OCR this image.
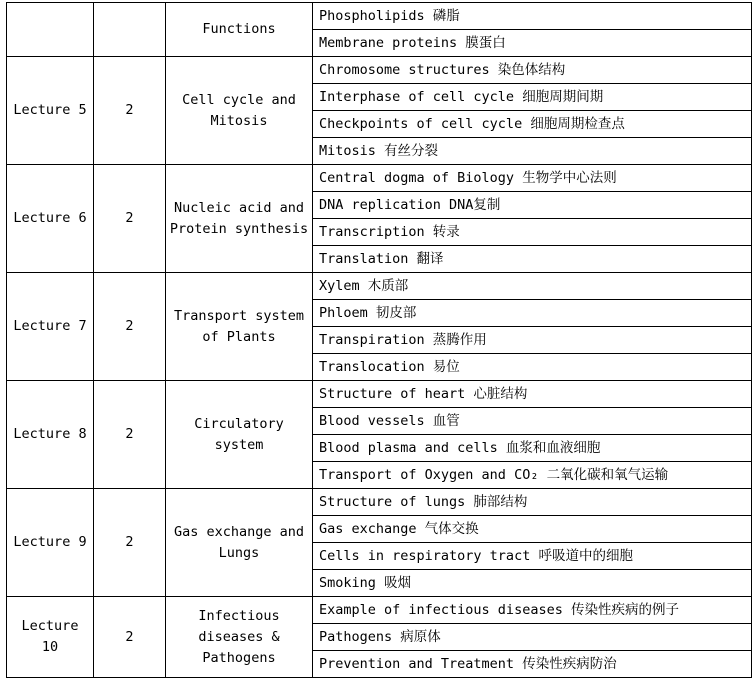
		Functions	Phospholipids 磷脂
			Membrane proteins 膜蛋白
Lecture 5	2	Cell cycle and Mitosis	Chromosome structures 染色体结构
			Interphase of cell cycle 细胞周期间期
			Checkpoints of cell cycle 细胞周期检查点
			Mitosis 有丝分裂
Lecture 6	2	Nucleic acid and Protein synthesis	Central dogma of Biology 生物学中心法则
			DNA replication DNA复制
			Transcription 转录
			Translation 翻译
Lecture 7	2	Transport system of Plants	Xylem 木质部
			Phloem 韧皮部
			Transpiration 蒸腾作用
			Translocation 易位
Lecture 8	2	Circulatory system	Structure of heart 心脏结构
			Blood vessels 血管
			Blood plasma and cells 血浆和血液细胞
			Transport of Oxygen and CO₂ 二氧化碳和氧气运输
Lecture 9	2	Gas exchange and Lungs	Structure of lungs 肺部结构
			Gas exchange 气体交换
			Cells in respiratory tract 呼吸道中的细胞
			Smoking 吸烟
Lecture 10	2	Infectious diseases & Pathogens	Example of infectious diseases 传染性疾病的例子
			Pathogens 病原体
			Prevention and Treatment 传染性疾病防治
